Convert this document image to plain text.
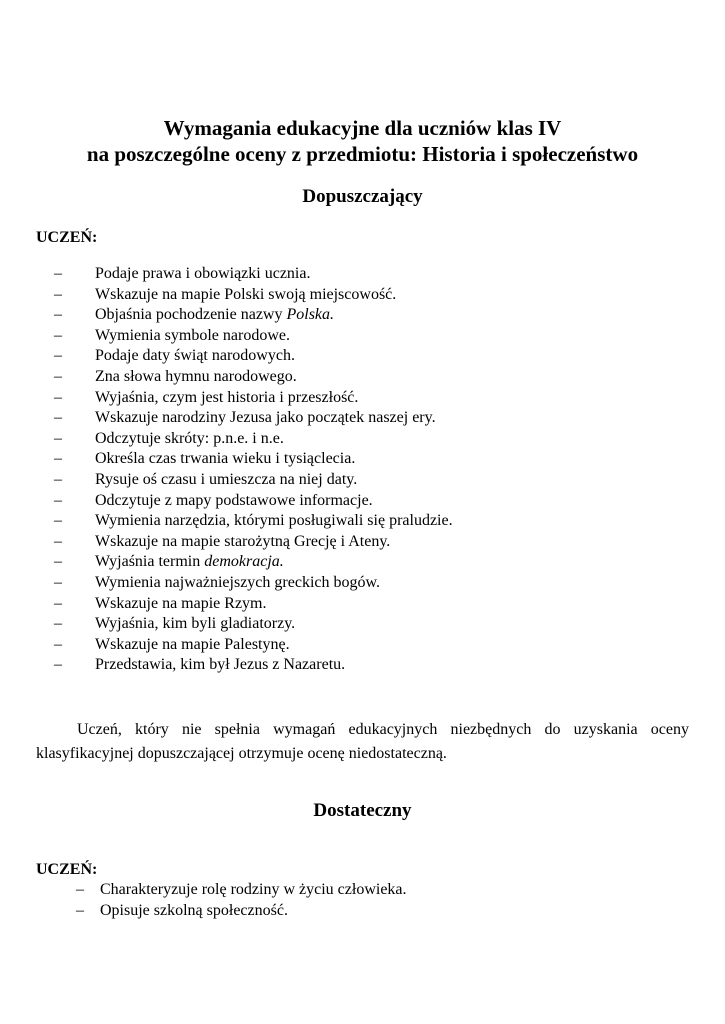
Wymagania edukacyjne dla uczniów klas IV
na poszczególne oceny z przedmiotu: Historia i społeczeństwo
Dopuszczający
UCZEŃ:
– Podaje prawa i obowiązki ucznia.
– Wskazuje na mapie Polski swoją miejscowość.
– Objaśnia pochodzenie nazwy Polska.
– Wymienia symbole narodowe.
– Podaje daty świąt narodowych.
– Zna słowa hymnu narodowego.
– Wyjaśnia, czym jest historia i przeszłość.
– Wskazuje narodziny Jezusa jako początek naszej ery.
– Odczytuje skróty: p.n.e. i n.e.
– Określa czas trwania wieku i tysiąclecia.
– Rysuje oś czasu i umieszcza na niej daty.
– Odczytuje z mapy podstawowe informacje.
– Wymienia narzędzia, którymi posługiwali się praludzie.
– Wskazuje na mapie starożytną Grecję i Ateny.
– Wyjaśnia termin demokracja.
– Wymienia najważniejszych greckich bogów.
– Wskazuje na mapie Rzym.
– Wyjaśnia, kim byli gladiatorzy.
– Wskazuje na mapie Palestynę.
– Przedstawia, kim był Jezus z Nazaretu.
Uczeń, który nie spełnia wymagań edukacyjnych niezbędnych do uzyskania oceny klasyfikacyjnej dopuszczającej otrzymuje ocenę niedostateczną.
Dostateczny
UCZEŃ:
– Charakteryzuje rolę rodziny w życiu człowieka.
– Opisuje szkolną społeczność.
